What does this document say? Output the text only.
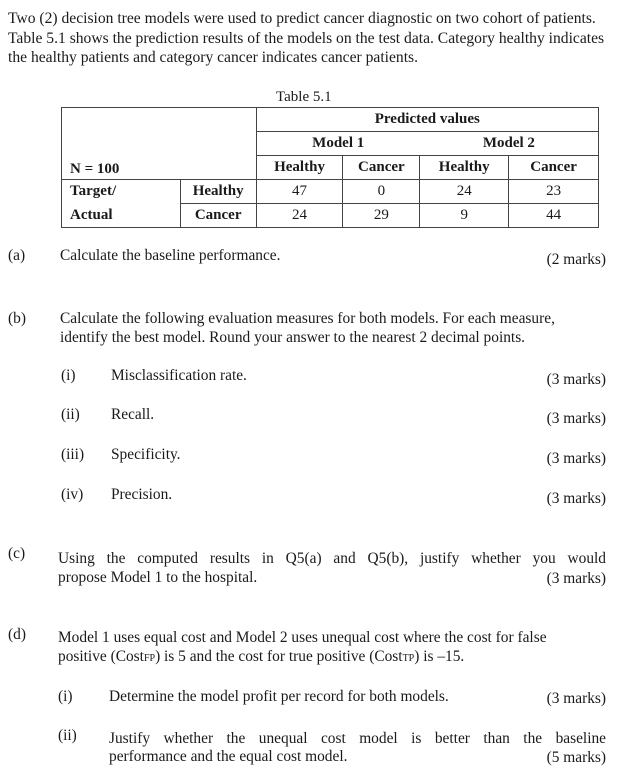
Two (2) decision tree models were used to predict cancer diagnostic on two cohort of patients. Table 5.1 shows the prediction results of the models on the test data. Category healthy indicates the healthy patients and category cancer indicates cancer patients.
Table 5.1
N = 100		Predicted values			
		Model 1		Model 2	
		Healthy	Cancer	Healthy	Cancer
Target/	Healthy	47	0	24	23
Actual	Cancer	24	29	9	44
(a) Calculate the baseline performance.	(2 marks)
(b) Calculate the following evaluation measures for both models. For each measure,
identify the best model. Round your answer to the nearest 2 decimal points.
(i) Misclassification rate.	(3 marks)
(ii) Recall.	(3 marks)
(iii) Specificity.	(3 marks)
(iv) Precision.	(3 marks)
(c) Using the computed results in Q5(a) and Q5(b), justify whether you would
propose Model 1 to the hospital.	(3 marks)
(d) Model 1 uses equal cost and Model 2 uses unequal cost where the cost for false
positive (CostFP) is 5 and the cost for true positive (CostTP) is –15.
(i) Determine the model profit per record for both models.	(3 marks)
(ii) Justify whether the unequal cost model is better than the baseline
performance and the equal cost model.	(5 marks)
